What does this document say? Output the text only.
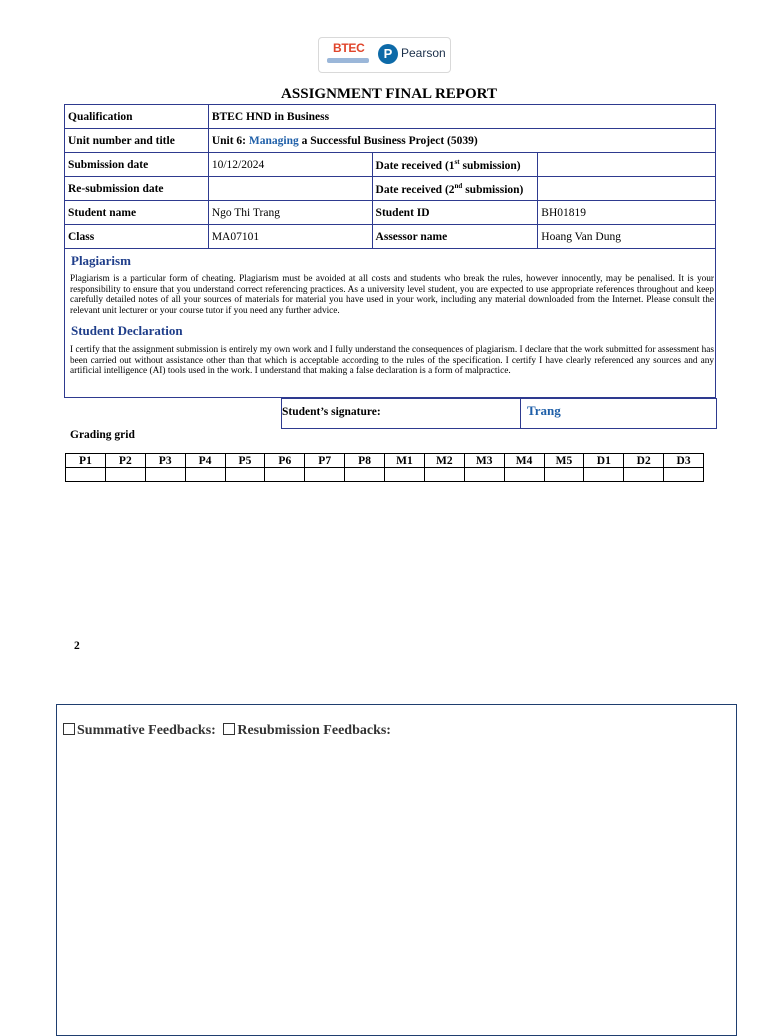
BTEC	P Pearson
ASSIGNMENT FINAL REPORT
Qualification	BTEC HND in Business		
Unit number and title	Unit 6: Managing a Successful Business Project (5039)		
Submission date	10/12/2024	Date received (1st submission)	
Re-submission date		Date received (2nd submission)	
Student name	Ngo Thi Trang	Student ID	BH01819
Class	MA07101	Assessor name	Hoang Van Dung
Plagiarism
Plagiarism is a particular form of cheating. Plagiarism must be avoided at all costs and students who break the rules, however innocently, may be penalised. It is your responsibility to ensure that you understand correct referencing practices. As a university level student, you are expected to use appropriate references throughout and keep carefully detailed notes of all your sources of materials for material you have used in your work, including any material downloaded from the Internet. Please consult the relevant unit lecturer or your course tutor if you need any further advice.
Student Declaration
I certify that the assignment submission is entirely my own work and I fully understand the consequences of plagiarism. I declare that the work submitted for assessment has been carried out without assistance other than that which is acceptable according to the rules of the specification. I certify I have clearly referenced any sources and any artificial intelligence (AI) tools used in the work. I understand that making a false declaration is a form of malpractice.
Student’s signature:	Trang
Grading grid
P1	P2	P3	P4	P5	P6	P7	P8	M1	M2	M3	M4	M5	D1	D2	D3

2
Summative Feedbacks: Resubmission Feedbacks:
